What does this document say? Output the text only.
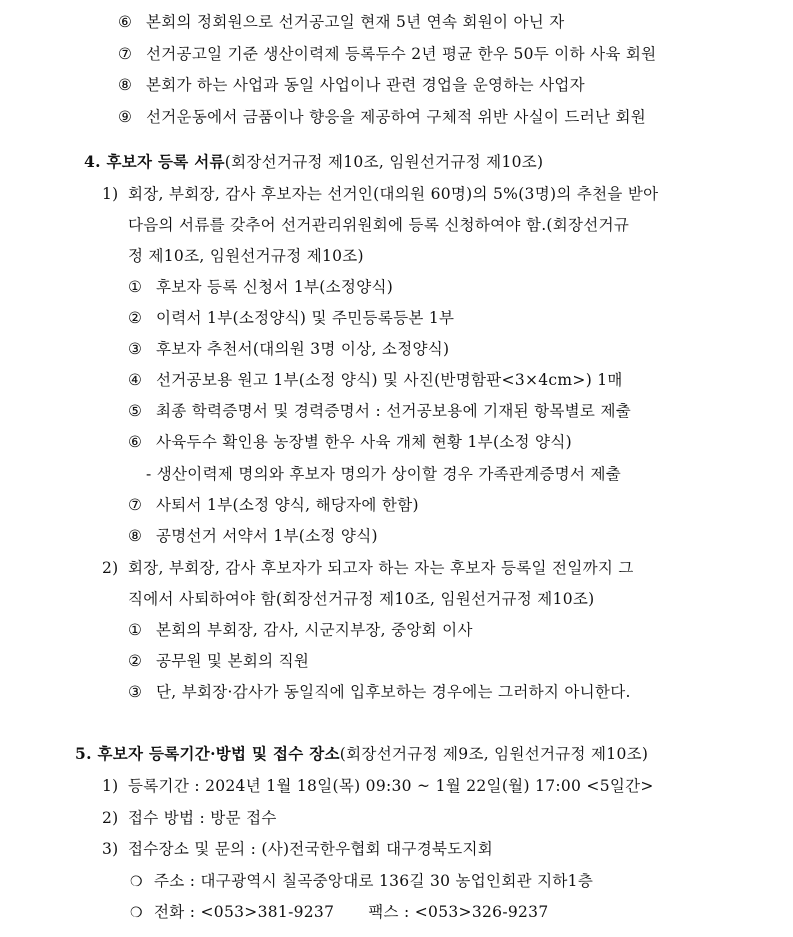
⑥ 본회의 정회원으로 선거공고일 현재 5년 연속 회원이 아닌 자
⑦ 선거공고일 기준 생산이력제 등록두수 2년 평균 한우 50두 이하 사육 회원
⑧ 본회가 하는 사업과 동일 사업이나 관련 경업을 운영하는 사업자
⑨ 선거운동에서 금품이나 향응을 제공하여 구체적 위반 사실이 드러난 회원
4. 후보자 등록 서류(회장선거규정 제10조, 임원선거규정 제10조)
1) 회장, 부회장, 감사 후보자는 선거인(대의원 60명)의 5%(3명)의 추천을 받아
다음의 서류를 갖추어 선거관리위원회에 등록 신청하여야 함.(회장선거규
정 제10조, 임원선거규정 제10조)
① 후보자 등록 신청서 1부(소정양식)
② 이력서 1부(소정양식) 및 주민등록등본 1부
③ 후보자 추천서(대의원 3명 이상, 소정양식)
④ 선거공보용 원고 1부(소정 양식) 및 사진(반명함판<3×4cm>) 1매
⑤ 최종 학력증명서 및 경력증명서 : 선거공보용에 기재된 항목별로 제출
⑥ 사육두수 확인용 농장별 한우 사육 개체 현황 1부(소정 양식)
- 생산이력제 명의와 후보자 명의가 상이할 경우 가족관계증명서 제출
⑦ 사퇴서 1부(소정 양식, 해당자에 한함)
⑧ 공명선거 서약서 1부(소정 양식)
2) 회장, 부회장, 감사 후보자가 되고자 하는 자는 후보자 등록일 전일까지 그
직에서 사퇴하여야 함(회장선거규정 제10조, 임원선거규정 제10조)
① 본회의 부회장, 감사, 시군지부장, 중앙회 이사
② 공무원 및 본회의 직원
③ 단, 부회장·감사가 동일직에 입후보하는 경우에는 그러하지 아니한다.
5. 후보자 등록기간·방법 및 접수 장소(회장선거규정 제9조, 임원선거규정 제10조)
1) 등록기간 : 2024년 1월 18일(목) 09:30 ~ 1월 22일(월) 17:00 <5일간>
2) 접수 방법 : 방문 접수
3) 접수장소 및 문의 : (사)전국한우협회 대구경북도지회
❍ 주소 : 대구광역시 칠곡중앙대로 136길 30 농업인회관 지하1층
❍ 전화 : <053>381-9237 팩스 : <053>326-9237
